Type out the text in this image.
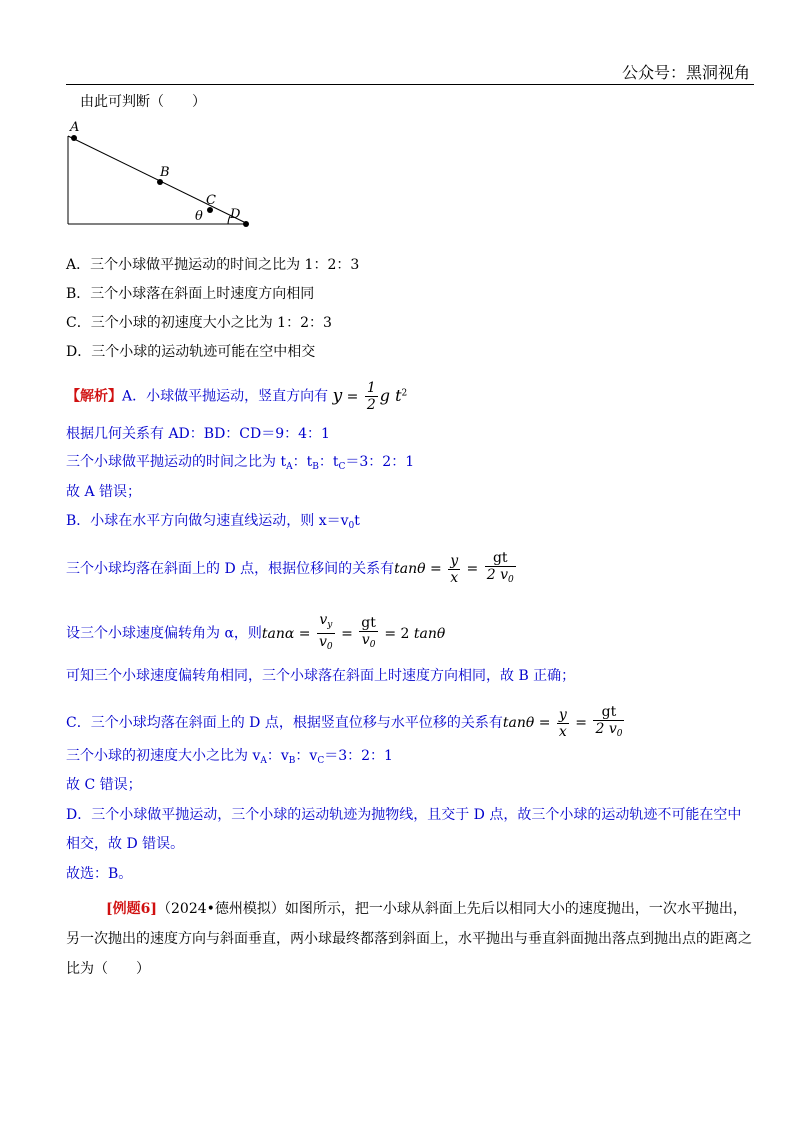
公众号：黑洞视角
由此可判断（　　）
A
B
C
D
θ
A．三个小球做平抛运动的时间之比为 1：2：3
B．三个小球落在斜面上时速度方向相同
C．三个小球的初速度大小之比为 1：2：3
D．三个小球的运动轨迹可能在空中相交
【解析】A．小球做平抛运动，竖直方向有 $y = \frac{1}{2}$ g $t^2$
根据几何关系有 AD：BD：CD＝9：4：1
三个小球做平抛运动的时间之比为 $t_A$：$t_B$：$t_C=3$：2：1
故 A 错误；
B．小球在水平方向做匀速直线运动，则 $x=v_0t$
三个小球均落在斜面上的 D 点，根据位移间的关系有$\tan\theta = \frac{y}{x} = \frac{gt}{2 v_0}$
设三个小球速度偏转角为 α，则$\tan\alpha = \frac{v_y}{v_0} = \frac{gt}{v_0} = 2$ tanθ
可知三个小球速度偏转角相同，三个小球落在斜面上时速度方向相同，故 B 正确；
C．三个小球均落在斜面上的 D 点，根据竖直位移与水平位移的关系有$\tan\theta = \frac{y}{x} = \frac{gt}{2 v_0}$
三个小球的初速度大小之比为 $v_A$：$v_B$：$v_C=3$：2：1
故 C 错误；
D．三个小球做平抛运动，三个小球的运动轨迹为抛物线，且交于 D 点，故三个小球的运动轨迹不可能在空中
相交，故 D 错误。
故选：B。
[例题6]（2024•德州模拟）如图所示，把一小球从斜面上先后以相同大小的速度抛出，一次水平抛出，另一次抛出的速度方向与斜面垂直，两小球最终都落到斜面上，水平抛出与垂直斜面抛出落点到抛出点的距离之比为（　　）
